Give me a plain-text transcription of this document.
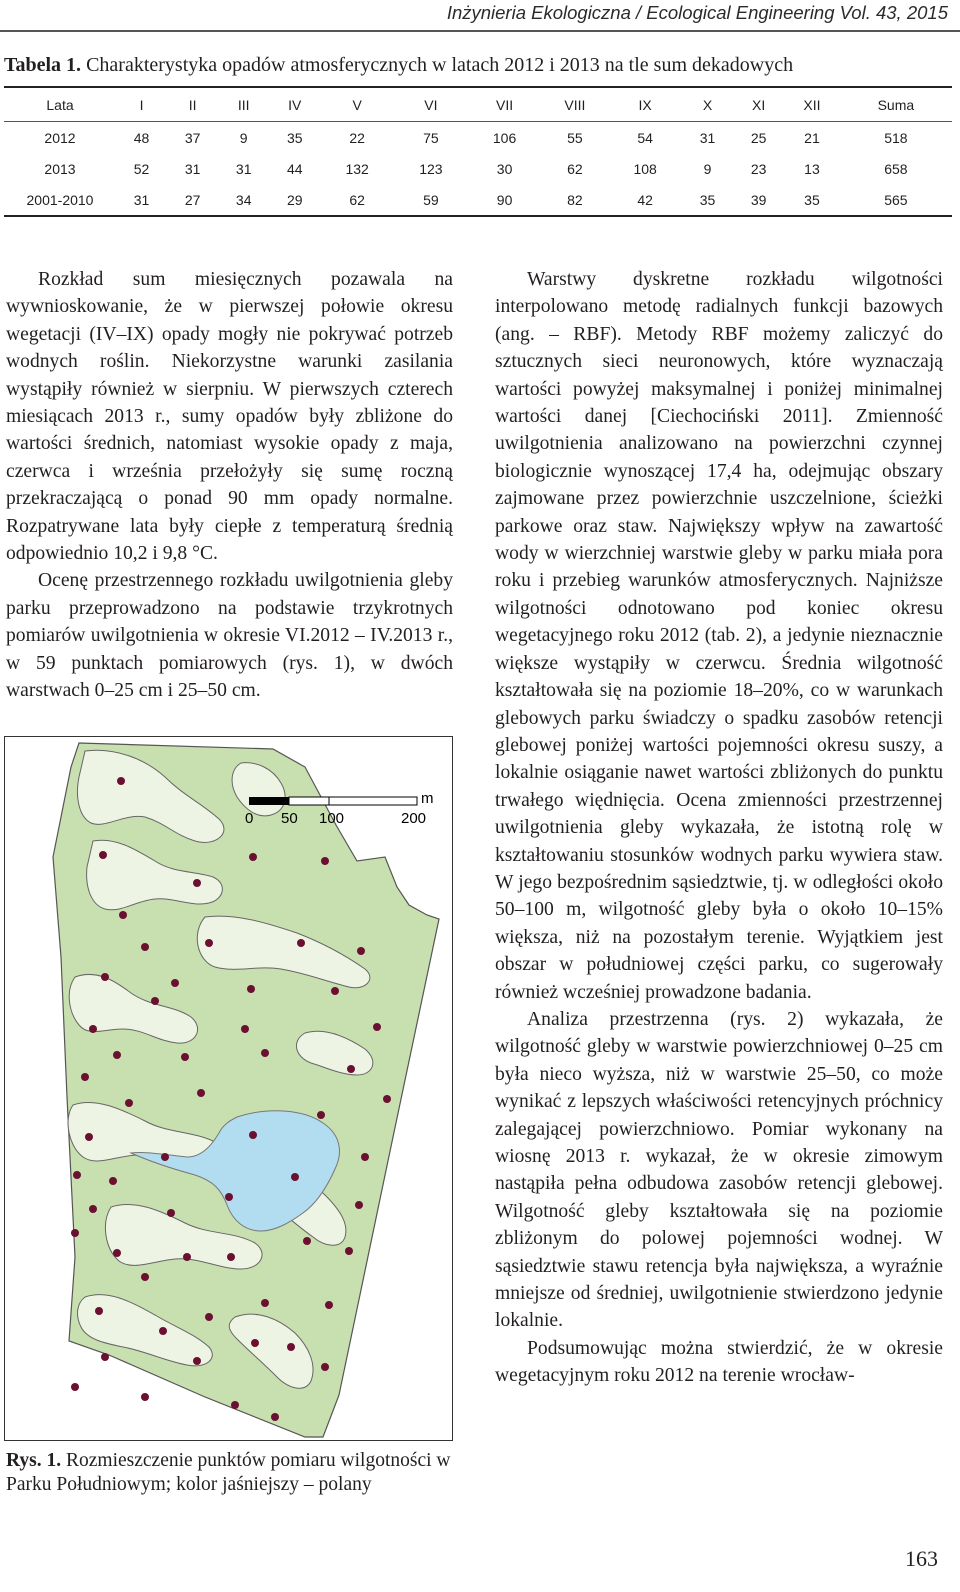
Inżynieria Ekologiczna / Ecological Engineering Vol. 43, 2015
Tabela 1. Charakterystyka opadów atmosferycznych w latach 2012 i 2013 na tle sum dekadowych
Lata	I	II	III	IV	V	VI	VII	VIII	IX	X	XI	XII	Suma
2012	48	37	9	35	22	75	106	55	54	31	25	21	518
2013	52	31	31	44	132	123	30	62	108	9	23	13	658
2001-2010	31	27	34	29	62	59	90	82	42	35	39	35	565

Rozkład sum miesięcznych pozawala na wywnioskowanie, że w pierwszej połowie okresu wegetacji (IV–IX) opady mogły nie pokrywać potrzeb wodnych roślin. Niekorzystne warunki zasilania wystąpiły również w sierpniu. W pierwszych czterech miesiącach 2013 r., sumy opadów były zbliżone do wartości średnich, natomiast wysokie opady z maja, czerwca i września przełożyły się sumę roczną przekraczającą o ponad 90 mm opady normalne. Rozpatrywane lata były ciepłe z temperaturą średnią odpowiednio 10,2 i 9,8 °C.

Ocenę przestrzennego rozkładu uwilgotnienia gleby parku przeprowadzono na podstawie trzykrotnych pomiarów uwilgotnienia w okresie VI.2012 – IV.2013 r., w 59 punktach pomiarowych (rys. 1), w dwóch warstwach 0–25 cm i 25–50 cm.

m
0 50 100	200
Rys. 1. Rozmieszczenie punktów pomiaru wilgotności w Parku Południowym; kolor jaśniejszy – polany

Warstwy dyskretne rozkładu wilgotności interpolowano metodę radialnych funkcji bazowych (ang. – RBF). Metody RBF możemy zaliczyć do sztucznych sieci neuronowych, które wyznaczają wartości powyżej maksymalnej i poniżej minimalnej wartości danej [Ciechociński 2011]. Zmienność uwilgotnienia analizowano na powierzchni czynnej biologicznie wynoszącej 17,4 ha, odejmując obszary zajmowane przez powierzchnie uszczelnione, ścieżki parkowe oraz staw. Największy wpływ na zawartość wody w wierzchniej warstwie gleby w parku miała pora roku i przebieg warunków atmosferycznych. Najniższe wilgotności odnotowano pod koniec okresu wegetacyjnego roku 2012 (tab. 2), a jedynie nieznacznie większe wystąpiły w czerwcu. Średnia wilgotność kształtowała się na poziomie 18–20%, co w warunkach glebowych parku świadczy o spadku zasobów retencji glebowej poniżej wartości pojemności okresu suszy, a lokalnie osiąganie nawet wartości zbliżonych do punktu trwałego więdnięcia. Ocena zmienności przestrzennej uwilgotnienia gleby wykazała, że istotną rolę w kształtowaniu stosunków wodnych parku wywiera staw. W jego bezpośrednim sąsiedztwie, tj. w odległości około 50–100 m, wilgotność gleby była o około 10–15% większa, niż na pozostałym terenie. Wyjątkiem jest obszar w południowej części parku, co sugerowały również wcześniej prowadzone badania.

Analiza przestrzenna (rys. 2) wykazała, że wilgotność gleby w warstwie powierzchniowej 0–25 cm była nieco wyższa, niż w warstwie 25–50, co może wynikać z lepszych właściwości retencyjnych próchnicy zalegającej powierzchniowo. Pomiar wykonany na wiosnę 2013 r. wykazał, że w okresie zimowym nastąpiła pełna odbudowa zasobów retencji glebowej. Wilgotność gleby kształtowała się na poziomie zbliżonym do polowej pojemności wodnej. W sąsiedztwie stawu retencja była największa, a wyraźnie mniejsze od średniej, uwilgotnienie stwierdzono jedynie lokalnie.

Podsumowując można stwierdzić, że w okresie wegetacyjnym roku 2012 na terenie wrocław-

163
